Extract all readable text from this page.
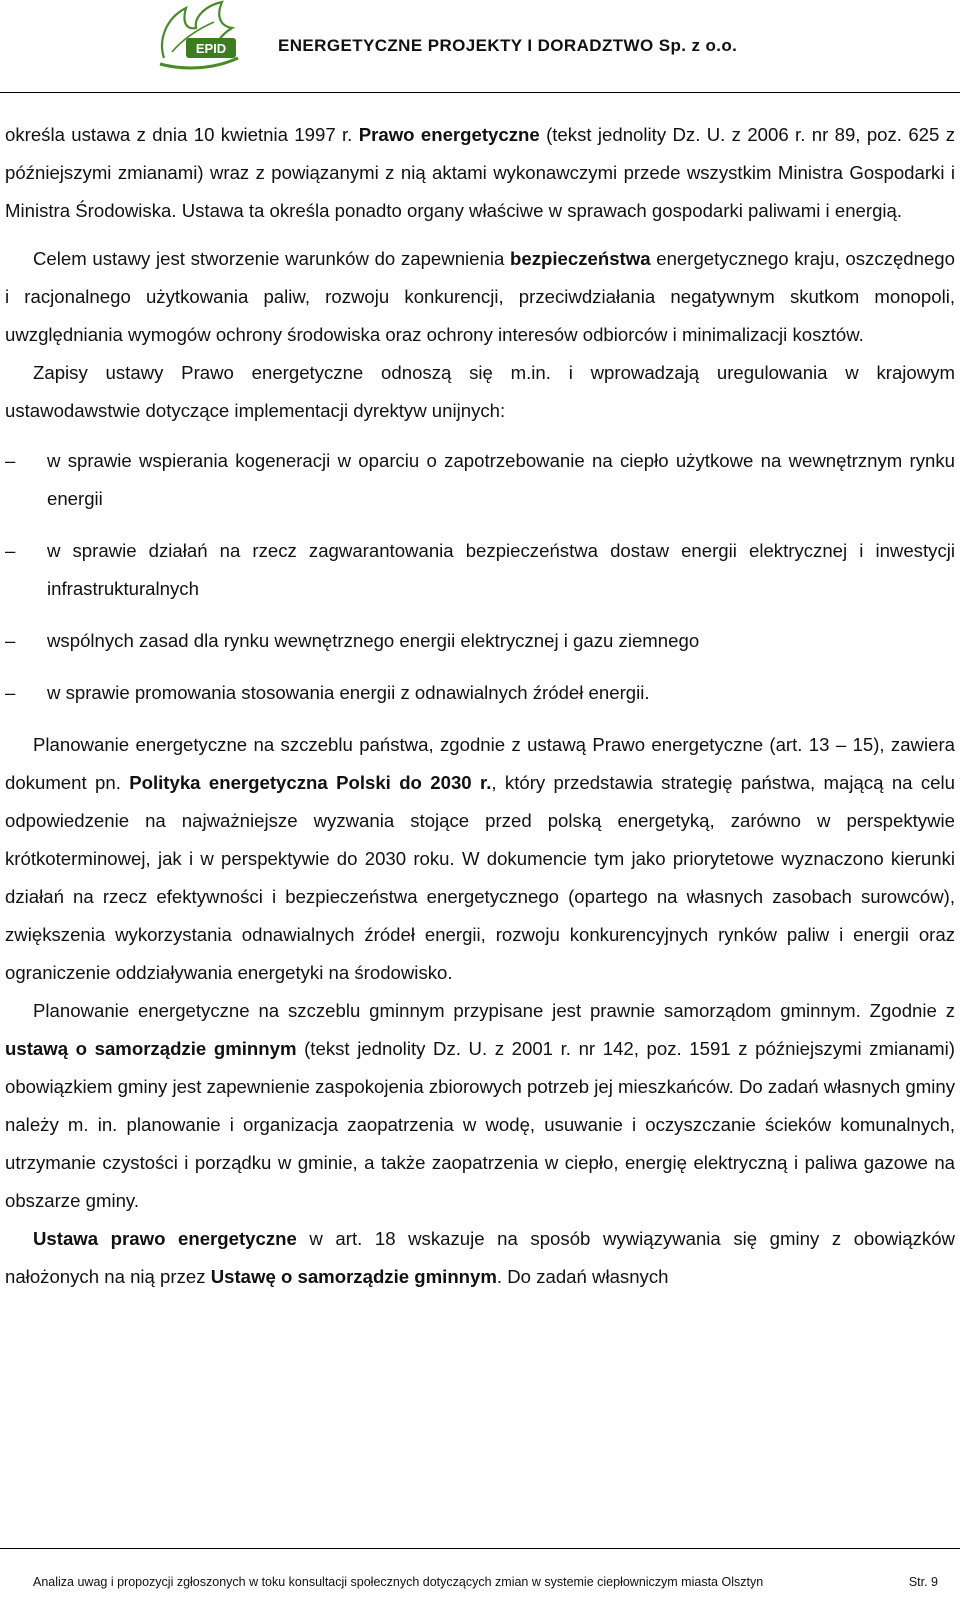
EPID	ENERGETYCZNE PROJEKTY I DORADZTWO Sp. z o.o.

określa ustawa z dnia 10 kwietnia 1997 r. Prawo energetyczne (tekst jednolity Dz. U. z 2006 r. nr 89, poz. 625 z późniejszymi zmianami) wraz z powiązanymi z nią aktami wykonawczymi przede wszystkim Ministra Gospodarki i Ministra Środowiska. Ustawa ta określa ponadto organy właściwe w sprawach gospodarki paliwami i energią.

Celem ustawy jest stworzenie warunków do zapewnienia bezpieczeństwa energetycznego kraju, oszczędnego i racjonalnego użytkowania paliw, rozwoju konkurencji, przeciwdziałania negatywnym skutkom monopoli, uwzględniania wymogów ochrony środowiska oraz ochrony interesów odbiorców i minimalizacji kosztów.

Zapisy ustawy Prawo energetyczne odnoszą się m.in. i wprowadzają uregulowania w krajowym ustawodawstwie dotyczące implementacji dyrektyw unijnych:

–	w sprawie wspierania kogeneracji w oparciu o zapotrzebowanie na ciepło użytkowe na wewnętrznym rynku energii
–	w sprawie działań na rzecz zagwarantowania bezpieczeństwa dostaw energii elektrycznej i inwestycji infrastrukturalnych
–	wspólnych zasad dla rynku wewnętrznego energii elektrycznej i gazu ziemnego
–	w sprawie promowania stosowania energii z odnawialnych źródeł energii.

Planowanie energetyczne na szczeblu państwa, zgodnie z ustawą Prawo energetyczne (art. 13 – 15), zawiera dokument pn. Polityka energetyczna Polski do 2030 r., który przedstawia strategię państwa, mającą na celu odpowiedzenie na najważniejsze wyzwania stojące przed polską energetyką, zarówno w perspektywie krótkoterminowej, jak i w perspektywie do 2030 roku. W dokumencie tym jako priorytetowe wyznaczono kierunki działań na rzecz efektywności i bezpieczeństwa energetycznego (opartego na własnych zasobach surowców), zwiększenia wykorzystania odnawialnych źródeł energii, rozwoju konkurencyjnych rynków paliw i energii oraz ograniczenie oddziaływania energetyki na środowisko.

Planowanie energetyczne na szczeblu gminnym przypisane jest prawnie samorządom gminnym. Zgodnie z ustawą o samorządzie gminnym (tekst jednolity Dz. U. z 2001 r. nr 142, poz. 1591 z późniejszymi zmianami) obowiązkiem gminy jest zapewnienie zaspokojenia zbiorowych potrzeb jej mieszkańców. Do zadań własnych gminy należy m. in. planowanie i organizacja zaopatrzenia w wodę, usuwanie i oczyszczanie ścieków komunalnych, utrzymanie czystości i porządku w gminie, a także zaopatrzenia w ciepło, energię elektryczną i paliwa gazowe na obszarze gminy.

Ustawa prawo energetyczne w art. 18 wskazuje na sposób wywiązywania się gminy z obowiązków nałożonych na nią przez Ustawę o samorządzie gminnym. Do zadań własnych

Analiza uwag i propozycji zgłoszonych w toku konsultacji społecznych dotyczących zmian w systemie ciepłowniczym miasta Olsztyn	Str. 9
